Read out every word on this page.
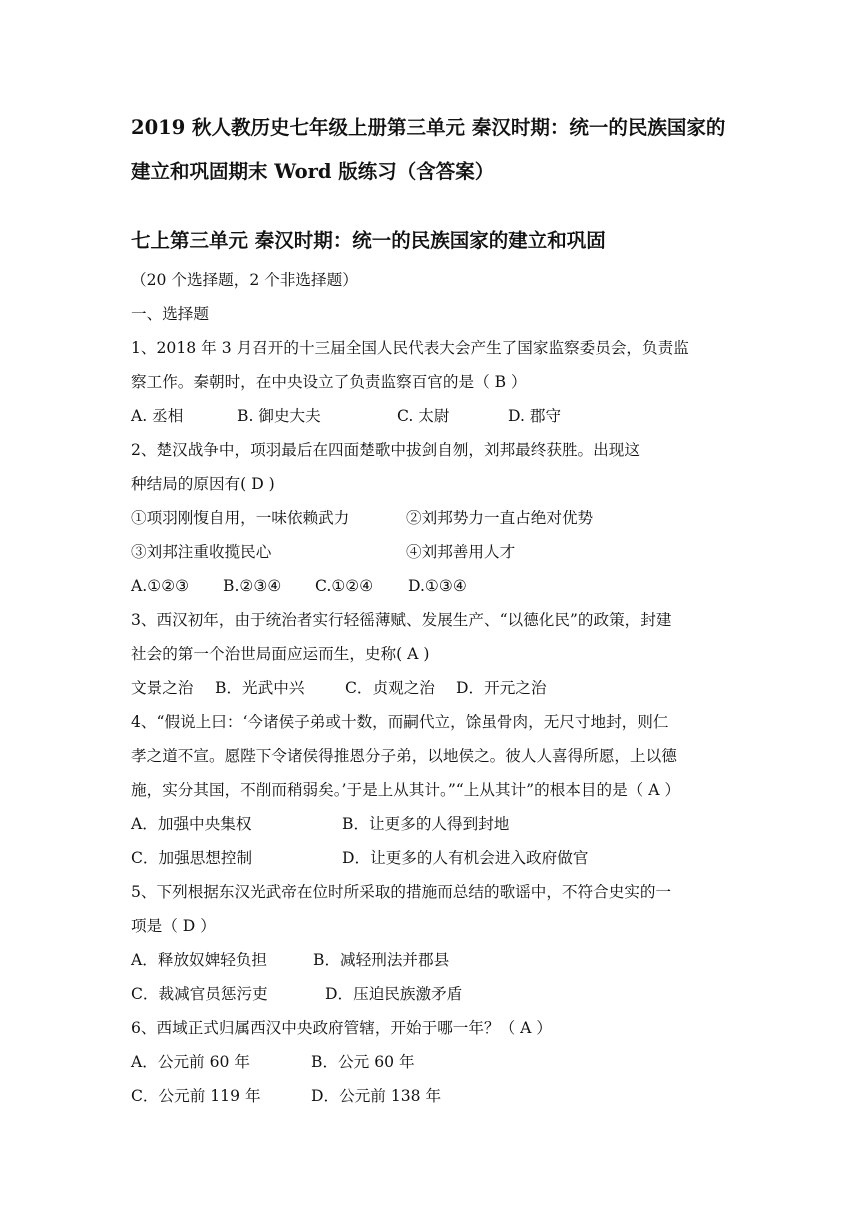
2019 秋人教历史七年级上册第三单元 秦汉时期：统一的民族国家的
建立和巩固期末 Word 版练习（含答案）
七上第三单元 秦汉时期：统一的民族国家的建立和巩固
（20 个选择题，2 个非选择题）
一、选择题
1、2018 年 3 月召开的十三届全国人民代表大会产生了国家监察委员会，负责监
察工作。秦朝时，在中央设立了负责监察百官的是（ B ）
A. 丞相	B. 御史大夫	C. 太尉	D. 郡守
2、楚汉战争中，项羽最后在四面楚歌中拔剑自刎，刘邦最终获胜。出现这
种结局的原因有( D )
①项羽刚愎自用，一味依赖武力	②刘邦势力一直占绝对优势
③刘邦注重收揽民心	④刘邦善用人才
A.①②③ B.②③④ C.①②④ D.①③④
3、西汉初年，由于统治者实行轻徭薄赋、发展生产、“以德化民”的政策，封建
社会的第一个治世局面应运而生，史称( A )
文景之治 B．光武中兴	C．贞观之治 D．开元之治
4、“假说上曰：‘今诸侯子弟或十数，而嗣代立，馀虽骨肉，无尺寸地封，则仁
孝之道不宣。愿陛下令诸侯得推恩分子弟，以地侯之。彼人人喜得所愿，上以德
施，实分其国，不削而稍弱矣。’于是上从其计。”“上从其计”的根本目的是（ A ）
A．加强中央集权	B．让更多的人得到封地
C．加强思想控制	D．让更多的人有机会进入政府做官
5、下列根据东汉光武帝在位时所采取的措施而总结的歌谣中，不符合史实的一
项是（ D ）
A．释放奴婢轻负担	B．减轻刑法并郡县
C．裁减官员惩污吏	D．压迫民族激矛盾
6、西域正式归属西汉中央政府管辖，开始于哪一年？（ A ）
A．公元前 60 年	B．公元 60 年
C．公元前 119 年	D．公元前 138 年
